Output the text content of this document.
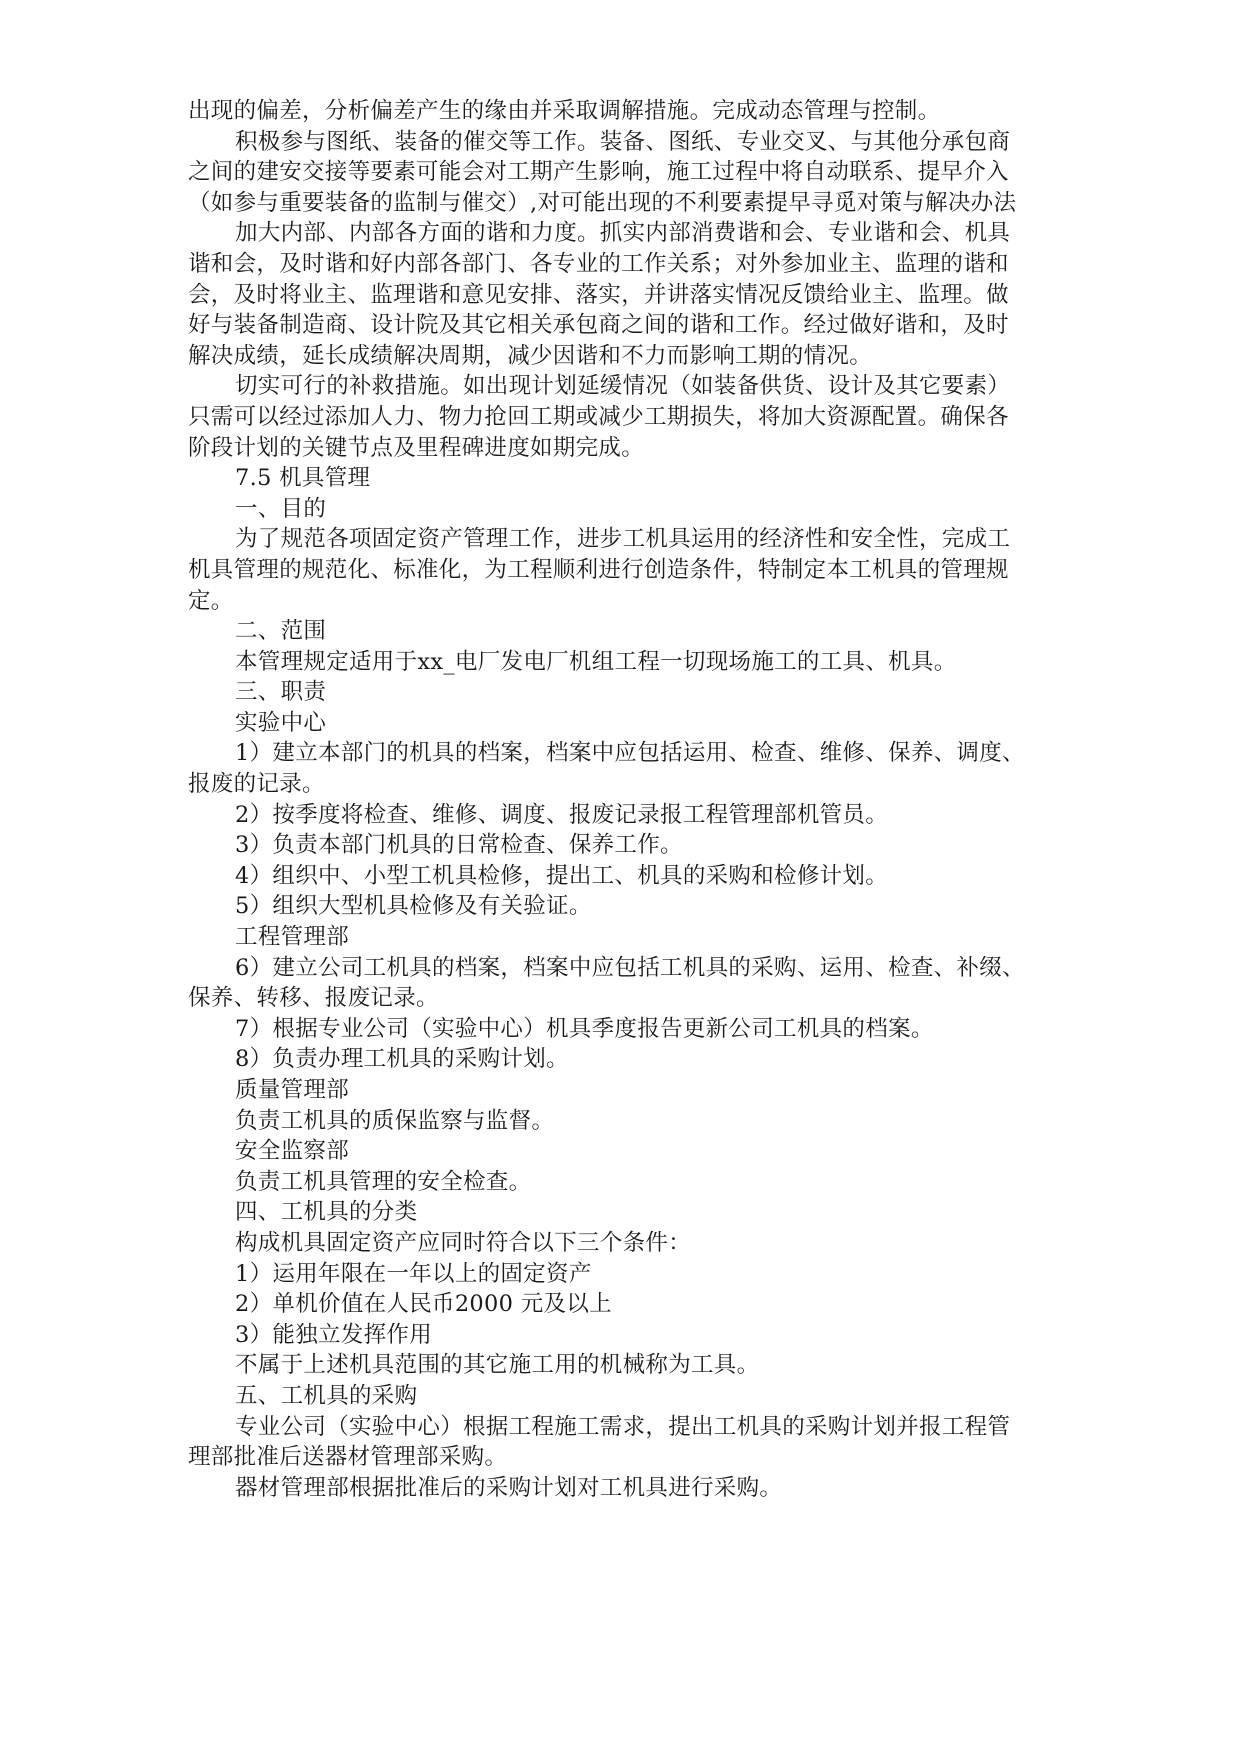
出现的偏差，分析偏差产生的缘由并采取调解措施。完成动态管理与控制。
积极参与图纸、装备的催交等工作。装备、图纸、专业交叉、与其他分承包商
之间的建安交接等要素可能会对工期产生影响，施工过程中将自动联系、提早介入
（如参与重要装备的监制与催交）,对可能出现的不利要素提早寻觅对策与解决办法
加大内部、内部各方面的谐和力度。抓实内部消费谐和会、专业谐和会、机具
谐和会，及时谐和好内部各部门、各专业的工作关系；对外参加业主、监理的谐和
会，及时将业主、监理谐和意见安排、落实，并讲落实情况反馈给业主、监理。做
好与装备制造商、设计院及其它相关承包商之间的谐和工作。经过做好谐和，及时
解决成绩，延长成绩解决周期，减少因谐和不力而影响工期的情况。
切实可行的补救措施。如出现计划延缓情况（如装备供货、设计及其它要素）
只需可以经过添加人力、物力抢回工期或减少工期损失，将加大资源配置。确保各
阶段计划的关键节点及里程碑进度如期完成。
7.5 机具管理
一、目的
为了规范各项固定资产管理工作，进步工机具运用的经济性和安全性，完成工
机具管理的规范化、标准化，为工程顺利进行创造条件，特制定本工机具的管理规
定。
二、范围
本管理规定适用于xx_电厂发电厂机组工程一切现场施工的工具、机具。
三、职责
实验中心
1）建立本部门的机具的档案，档案中应包括运用、检查、维修、保养、调度、
报废的记录。
2）按季度将检查、维修、调度、报废记录报工程管理部机管员。
3）负责本部门机具的日常检查、保养工作。
4）组织中、小型工机具检修，提出工、机具的采购和检修计划。
5）组织大型机具检修及有关验证。
工程管理部
6）建立公司工机具的档案，档案中应包括工机具的采购、运用、检查、补缀、
保养、转移、报废记录。
7）根据专业公司（实验中心）机具季度报告更新公司工机具的档案。
8）负责办理工机具的采购计划。
质量管理部
负责工机具的质保监察与监督。
安全监察部
负责工机具管理的安全检查。
四、工机具的分类
构成机具固定资产应同时符合以下三个条件：
1）运用年限在一年以上的固定资产
2）单机价值在人民币2000 元及以上
3）能独立发挥作用
不属于上述机具范围的其它施工用的机械称为工具。
五、工机具的采购
专业公司（实验中心）根据工程施工需求，提出工机具的采购计划并报工程管
理部批准后送器材管理部采购。
器材管理部根据批准后的采购计划对工机具进行采购。
